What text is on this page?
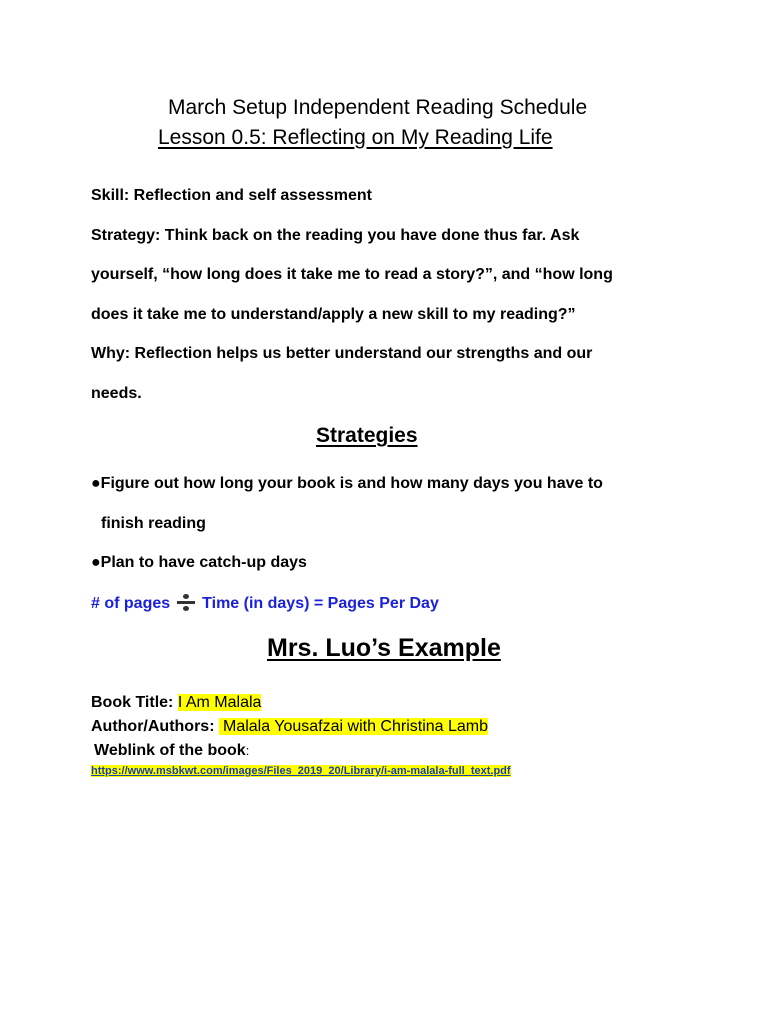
March Setup Independent Reading Schedule
Lesson 0.5: Reflecting on My Reading Life
Skill: Reflection and self assessment
Strategy: Think back on the reading you have done thus far. Ask
yourself, “how long does it take me to read a story?”, and “how long
does it take me to understand/apply a new skill to my reading?”
Why: Reflection helps us better understand our strengths and our
needs.
Strategies
●Figure out how long your book is and how many days you have to
finish reading
●Plan to have catch-up days
# of pages Time (in days) = Pages Per Day
Mrs. Luo’s Example
Book Title: I Am Malala
Author/Authors: Malala Yousafzai with Christina Lamb
Weblink of the book:
https://www.msbkwt.com/images/Files_2019_20/Library/i-am-malala-full_text.pdf
